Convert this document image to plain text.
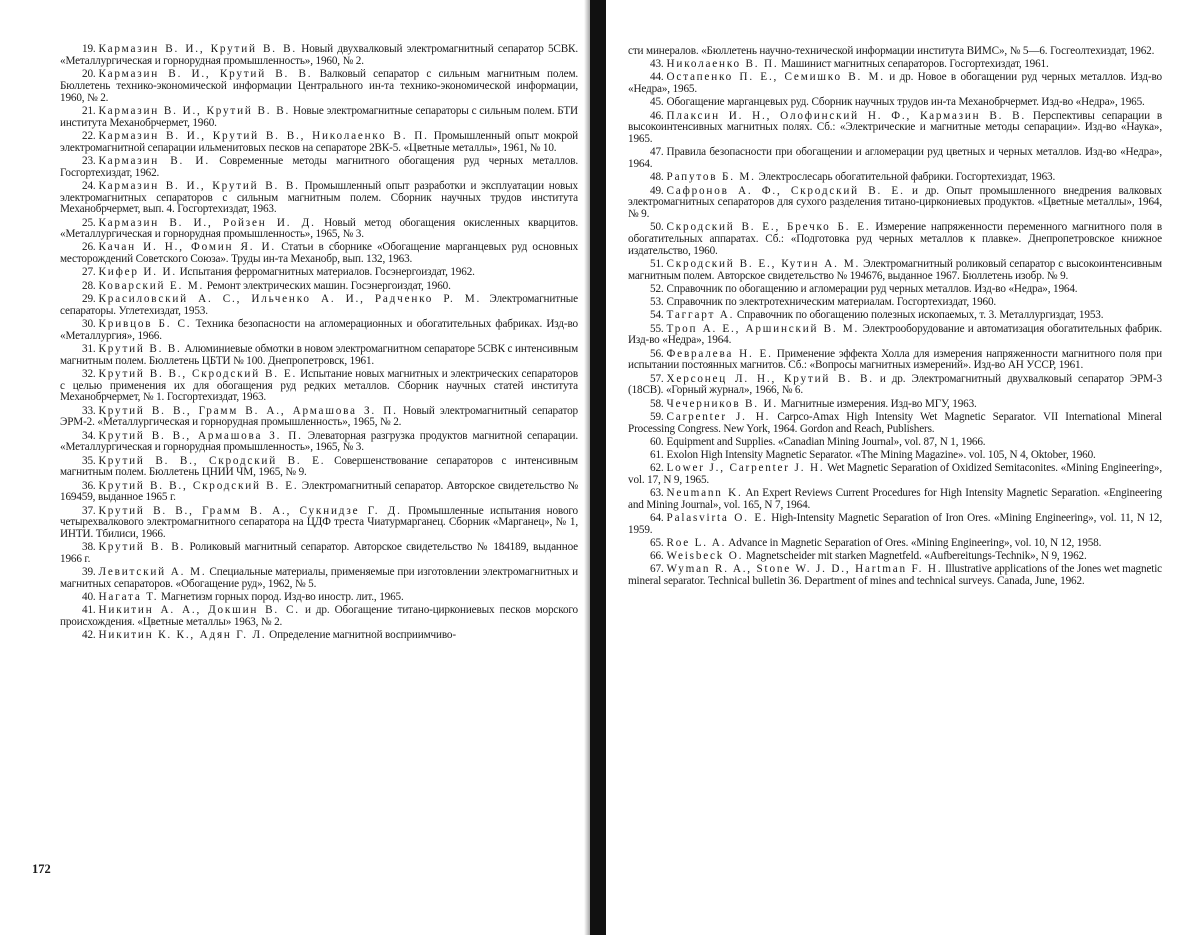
19. Кармазин В. И., Крутий В. В. Новый двухвалковый электромагнитный сепаратор 5СВК. «Металлургическая и горнорудная промышленность», 1960, № 2.

20. Кармазин В. И., Крутий В. В. Валковый сепаратор с сильным магнитным полем. Бюллетень технико-экономической информации Центрального ин-та технико-экономической информации, 1960, № 2.

21. Кармазин В. И., Крутий В. В. Новые электромагнитные сепараторы с сильным полем. БТИ института Механобрчермет, 1960.

22. Кармазин В. И., Крутий В. В., Николаенко В. П. Промышленный опыт мокрой электромагнитной сепарации ильменитовых песков на сепараторе 2ВК-5. «Цветные металлы», 1961, № 10.

23. Кармазин В. И. Современные методы магнитного обогащения руд черных металлов. Госгортехиздат, 1962.

24. Кармазин В. И., Крутий В. В. Промышленный опыт разработки и эксплуатации новых электромагнитных сепараторов с сильным магнитным полем. Сборник научных трудов института Механобрчермет, вып. 4. Госгортехиздат, 1963.

25. Кармазин В. И., Ройзен И. Д. Новый метод обогащения окисленных кварцитов. «Металлургическая и горнорудная промышленность», 1965, № 3.

26. Качан И. Н., Фомин Я. И. Статьи в сборнике «Обогащение марганцевых руд основных месторождений Советского Союза». Труды ин-та Механобр, вып. 132, 1963.

27. Кифер И. И. Испытания ферромагнитных материалов. Госэнергоиздат, 1962.

28. Коварский Е. М. Ремонт электрических машин. Госэнергоиздат, 1960.

29. Красиловский А. С., Ильченко А. И., Радченко Р. М. Электромагнитные сепараторы. Углетехиздат, 1953.

30. Кривцов Б. С. Техника безопасности на агломерационных и обогатительных фабриках. Изд-во «Металлургия», 1966.

31. Крутий В. В. Алюминиевые обмотки в новом электромагнитном сепараторе 5СВК с интенсивным магнитным полем. Бюллетень ЦБТИ № 100. Днепропетровск, 1961.

32. Крутий В. В., Скродский В. Е. Испытание новых магнитных и электрических сепараторов с целью применения их для обогащения руд редких металлов. Сборник научных статей института Механобрчермет, № 1. Госгортехиздат, 1963.

33. Крутий В. В., Грамм В. А., Армашова З. П. Новый электромагнитный сепаратор ЭРМ-2. «Металлургическая и горнорудная промышленность», 1965, № 2.

34. Крутий В. В., Армашова З. П. Элеваторная разгрузка продуктов магнитной сепарации. «Металлургическая и горнорудная промышленность», 1965, № 3.

35. Крутий В. В., Скродский В. Е. Совершенствование сепараторов с интенсивным магнитным полем. Бюллетень ЦНИИ ЧМ, 1965, № 9.

36. Крутий В. В., Скродский В. Е. Электромагнитный сепаратор. Авторское свидетельство № 169459, выданное 1965 г.

37. Крутий В. В., Грамм В. А., Сукнидзе Г. Д. Промышленные испытания нового четырехвалкового электромагнитного сепаратора на ЦДФ треста Чиатурмарганец. Сборник «Марганец», № 1, ИНТИ. Тбилиси, 1966.

38. Крутий В. В. Роликовый магнитный сепаратор. Авторское свидетельство № 184189, выданное 1966 г.

39. Левитский А. М. Специальные материалы, применяемые при изготовлении электромагнитных и магнитных сепараторов. «Обогащение руд», 1962, № 5.

40. Нагата Т. Магнетизм горных пород. Изд-во иностр. лит., 1965.

41. Никитин А. А., Докшин В. С. и др. Обогащение титано-циркониевых песков морского происхождения. «Цветные металлы» 1963, № 2.

42. Никитин К. К., Адян Г. Л. Определение магнитной восприимчиво-

172

сти минералов. «Бюллетень научно-технической информации института ВИМС», № 5—6. Госгеолтехиздат, 1962.

43. Николаенко В. П. Машинист магнитных сепараторов. Госгортехиздат, 1961.

44. Остапенко П. Е., Семишко В. М. и др. Новое в обогащении руд черных металлов. Изд-во «Недра», 1965.

45. Обогащение марганцевых руд. Сборник научных трудов ин-та Механобрчермет. Изд-во «Недра», 1965.

46. Плаксин И. Н., Олофинский Н. Ф., Кармазин В. В. Перспективы сепарации в высокоинтенсивных магнитных полях. Сб.: «Электрические и магнитные методы сепарации». Изд-во «Наука», 1965.

47. Правила безопасности при обогащении и агломерации руд цветных и черных металлов. Изд-во «Недра», 1964.

48. Рапутов Б. М. Электрослесарь обогатительной фабрики. Госгортехиздат, 1963.

49. Сафронов А. Ф., Скродский В. Е. и др. Опыт промышленного внедрения валковых электромагнитных сепараторов для сухого разделения титано-циркониевых продуктов. «Цветные металлы», 1964, № 9.

50. Скродский В. Е., Бречко Б. Е. Измерение напряженности переменного магнитного поля в обогатительных аппаратах. Сб.: «Подготовка руд черных металлов к плавке». Днепропетровское книжное издательство, 1960.

51. Скродский В. Е., Кутин А. М. Электромагнитный роликовый сепаратор с высокоинтенсивным магнитным полем. Авторское свидетельство № 194676, выданное 1967. Бюллетень изобр. № 9.

52. Справочник по обогащению и агломерации руд черных металлов. Изд-во «Недра», 1964.

53. Справочник по электротехническим материалам. Госгортехиздат, 1960.

54. Таггарт А. Справочник по обогащению полезных ископаемых, т. 3. Металлургиздат, 1953.

55. Троп А. Е., Аршинский В. М. Электрооборудование и автоматизация обогатительных фабрик. Изд-во «Недра», 1964.

56. Февралева Н. Е. Применение эффекта Холла для измерения напряженности магнитного поля при испытании постоянных магнитов. Сб.: «Вопросы магнитных измерений». Изд-во АН УССР, 1961.

57. Херсонец Л. Н., Крутий В. В. и др. Электромагнитный двухвалковый сепаратор ЭРМ-3 (18СВ). «Горный журнал», 1966, № 6.

58. Чечерников В. И. Магнитные измерения. Изд-во МГУ, 1963.

59. Carpenter J. H. Carpco-Amax High Intensity Wet Magnetic Separator. VII International Mineral Processing Congress. New York, 1964. Gordon and Reach, Publishers.

60. Equipment and Supplies. «Canadian Mining Journal», vol. 87, N 1, 1966.

61. Exolon High Intensity Magnetic Separator. «The Mining Magazine». vol. 105, N 4, Oktober, 1960.

62. Lower J., Carpenter J. H. Wet Magnetic Separation of Oxidized Semitaconites. «Mining Engineering», vol. 17, N 9, 1965.

63. Neumann K. An Expert Reviews Current Procedures for High Intensity Magnetic Separation. «Engineering and Mining Journal», vol. 165, N 7, 1964.

64. Palasvirta O. E. High-Intensity Magnetic Separation of Iron Ores. «Mining Engineering», vol. 11, N 12, 1959.

65. Roe L. A. Advance in Magnetic Separation of Ores. «Mining Engineering», vol. 10, N 12, 1958.

66. Weisbeck O. Magnetscheider mit starken Magnetfeld. «Aufbereitungs-Technik», N 9, 1962.

67. Wyman R. A., Stone W. J. D., Hartman F. H. Illustrative applications of the Jones wet magnetic mineral separator. Technical bulletin 36. Department of mines and technical surveys. Canada, June, 1962.
